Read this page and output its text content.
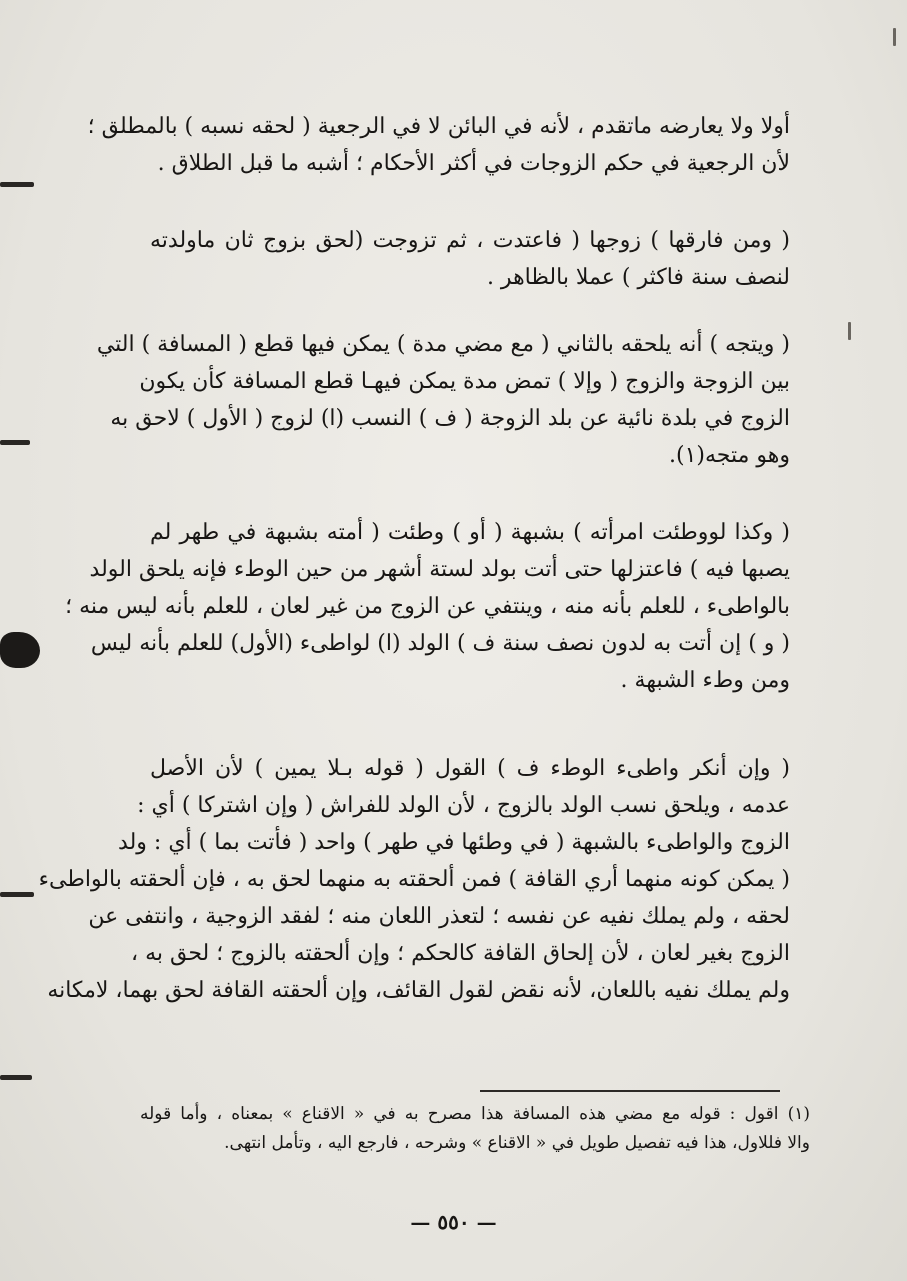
أولا ولا يعارضه ماتقدم ، لأنه في البائن لا في الرجعية ( لحقه نسبه ) بالمطلق ؛
لأن الرجعية في حكم الزوجات في أكثر الأحكام ؛ أشبه ما قبل الطلاق .
( ومن فارقها ) زوجها ( فاعتدت ، ثم تزوجت (لحق بزوج ثان ماولدته
لنصف سنة فاكثر ) عملا بالظاهر .
( ويتجه ) أنه يلحقه بالثاني ( مع مضي مدة ) يمكن فيها قطع ( المسافة ) التي
بين الزوجة والزوج ( وإلا ) تمض مدة يمكن فيهـا قطع المسافة كأن يكون
الزوج في بلدة نائية عن بلد الزوجة ( ف ) النسب (ا) لزوج ( الأول ) لاحق به
وهو متجه(١).
( وكذا لووطئت امرأته ) بشبهة ( أو ) وطئت ( أمته بشبهة في طهر لم
يصبها فيه ) فاعتزلها حتى أتت بولد لستة أشهر من حين الوطء فإنه يلحق الولد
بالواطىء ، للعلم بأنه منه ، وينتفي عن الزوج من غير لعان ، للعلم بأنه ليس منه ؛
( و ) إن أتت به لدون نصف سنة ف ) الولد (ا) لواطىء (الأول) للعلم بأنه ليس
ومن وطء الشبهة .
( وإن أنكر واطىء الوطء ف ) القول ( قوله بـلا يمين ) لأن الأصل
عدمه ، ويلحق نسب الولد بالزوج ، لأن الولد للفراش ( وإن اشتركا ) أي :
الزوج والواطىء بالشبهة ( في وطئها في طهر ) واحد ( فأتت بما ) أي : ولد
( يمكن كونه منهما أري القافة ) فمن ألحقته به منهما لحق به ، فإن ألحقته بالواطىء
لحقه ، ولم يملك نفيه عن نفسه ؛ لتعذر اللعان منه ؛ لفقد الزوجية ، وانتفى عن
الزوج بغير لعان ، لأن إلحاق القافة كالحكم ؛ وإن ألحقته بالزوج ؛ لحق به ،
ولم يملك نفيه باللعان، لأنه نقض لقول القائف، وإن ألحقته القافة لحق بهما، لامكانه
(١) اقول : قوله مع مضي هذه المسافة هذا مصرح به في « الاقناع » بمعناه ، وأما قوله
والا فللاول، هذا فيه تفصيل طويل في « الاقناع » وشرحه ، فارجع اليه ، وتأمل انتهى.
— ٥٥٠ —
